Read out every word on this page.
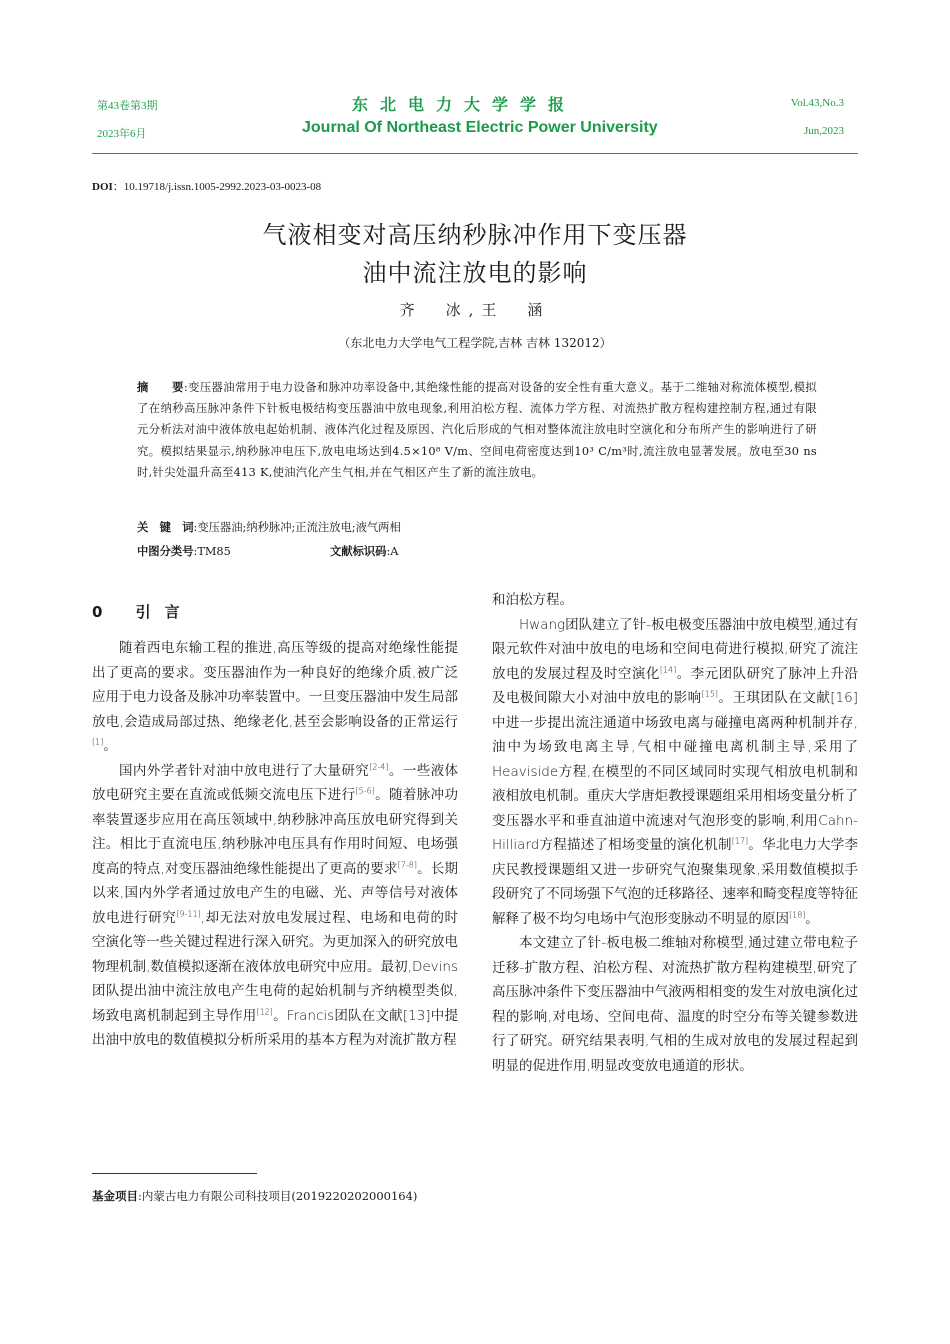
第43卷第3期
2023年6月
东北电力大学学报
Journal Of Northeast Electric Power University
Vol.43,No.3
Jun,2023
DOI：10.19718/j.issn.1005-2992.2023-03-0023-08
气液相变对高压纳秒脉冲作用下变压器
油中流注放电的影响
齐　冰,王　涵
（东北电力大学电气工程学院,吉林 吉林 132012）
摘　　要:变压器油常用于电力设备和脉冲功率设备中,其绝缘性能的提高对设备的安全性有重大意义。基于二维轴对称流体模型,模拟了在纳秒高压脉冲条件下针板电极结构变压器油中放电现象,利用泊松方程、流体力学方程、对流热扩散方程构建控制方程,通过有限元分析法对油中液体放电起始机制、液体汽化过程及原因、汽化后形成的气相对整体流注放电时空演化和分布所产生的影响进行了研究。模拟结果显示,纳秒脉冲电压下,放电电场达到4.5×10⁸ V/m、空间电荷密度达到10³ C/m³时,流注放电显著发展。放电至30 ns时,针尖处温升高至413 K,使油汽化产生气相,并在气相区产生了新的流注放电。
关　键　词:变压器油;纳秒脉冲;正流注放电;液气两相
中图分类号:TM85	文献标识码:A
0 引言

随着西电东输工程的推进,高压等级的提高对绝缘性能提出了更高的要求。变压器油作为一种良好的绝缘介质,被广泛应用于电力设备及脉冲功率装置中。一旦变压器油中发生局部放电,会造成局部过热、绝缘老化,甚至会影响设备的正常运行[1]。

国内外学者针对油中放电进行了大量研究[2-4]。一些液体放电研究主要在直流或低频交流电压下进行[5-6]。随着脉冲功率装置逐步应用在高压领域中,纳秒脉冲高压放电研究得到关注。相比于直流电压,纳秒脉冲电压具有作用时间短、电场强度高的特点,对变压器油绝缘性能提出了更高的要求[7-8]。长期以来,国内外学者通过放电产生的电磁、光、声等信号对液体放电进行研究[9-11],却无法对放电发展过程、电场和电荷的时空演化等一些关键过程进行深入研究。为更加深入的研究放电物理机制,数值模拟逐渐在液体放电研究中应用。最初,Devins团队提出油中流注放电产生电荷的起始机制与齐纳模型类似,场致电离机制起到主导作用[12]。Francis团队在文献[13]中提出油中放电的数值模拟分析所采用的基本方程为对流扩散方程

基金项目:内蒙古电力有限公司科技项目(2019220202000164)

和泊松方程。

Hwang团队建立了针-板电极变压器油中放电模型,通过有限元软件对油中放电的电场和空间电荷进行模拟,研究了流注放电的发展过程及时空演化[14]。李元团队研究了脉冲上升沿及电极间隙大小对油中放电的影响[15]。王琪团队在文献[16]中进一步提出流注通道中场致电离与碰撞电离两种机制并存,油中为场致电离主导,气相中碰撞电离机制主导,采用了Heaviside方程,在模型的不同区域同时实现气相放电机制和液相放电机制。重庆大学唐炬教授课题组采用相场变量分析了变压器水平和垂直油道中流速对气泡形变的影响,利用Cahn-Hilliard方程描述了相场变量的演化机制[17]。华北电力大学李庆民教授课题组又进一步研究气泡聚集现象,采用数值模拟手段研究了不同场强下气泡的迁移路径、速率和畸变程度等特征解释了极不均匀电场中气泡形变脉动不明显的原因[18]。

本文建立了针-板电极二维轴对称模型,通过建立带电粒子迁移-扩散方程、泊松方程、对流热扩散方程构建模型,研究了高压脉冲条件下变压器油中气液两相相变的发生对放电演化过程的影响,对电场、空间电荷、温度的时空分布等关键参数进行了研究。研究结果表明,气相的生成对放电的发展过程起到明显的促进作用,明显改变放电通道的形状。
